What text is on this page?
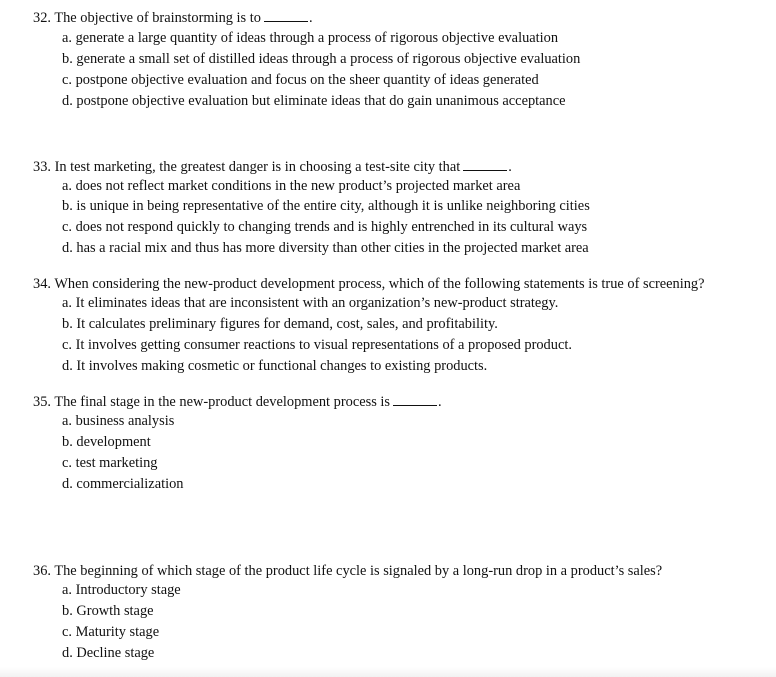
32. The objective of brainstorming is to	.
a. generate a large quantity of ideas through a process of rigorous objective evaluation
b. generate a small set of distilled ideas through a process of rigorous objective evaluation
c. postpone objective evaluation and focus on the sheer quantity of ideas generated
d. postpone objective evaluation but eliminate ideas that do gain unanimous acceptance
33. In test marketing, the greatest danger is in choosing a test-site city that	.
a. does not reflect market conditions in the new product’s projected market area
b. is unique in being representative of the entire city, although it is unlike neighboring cities
c. does not respond quickly to changing trends and is highly entrenched in its cultural ways
d. has a racial mix and thus has more diversity than other cities in the projected market area
34. When considering the new-product development process, which of the following statements is true of screening?
a. It eliminates ideas that are inconsistent with an organization’s new-product strategy.
b. It calculates preliminary figures for demand, cost, sales, and profitability.
c. It involves getting consumer reactions to visual representations of a proposed product.
d. It involves making cosmetic or functional changes to existing products.
35. The final stage in the new-product development process is	.
a. business analysis
b. development
c. test marketing
d. commercialization
36. The beginning of which stage of the product life cycle is signaled by a long-run drop in a product’s sales?
a. Introductory stage
b. Growth stage
c. Maturity stage
d. Decline stage
